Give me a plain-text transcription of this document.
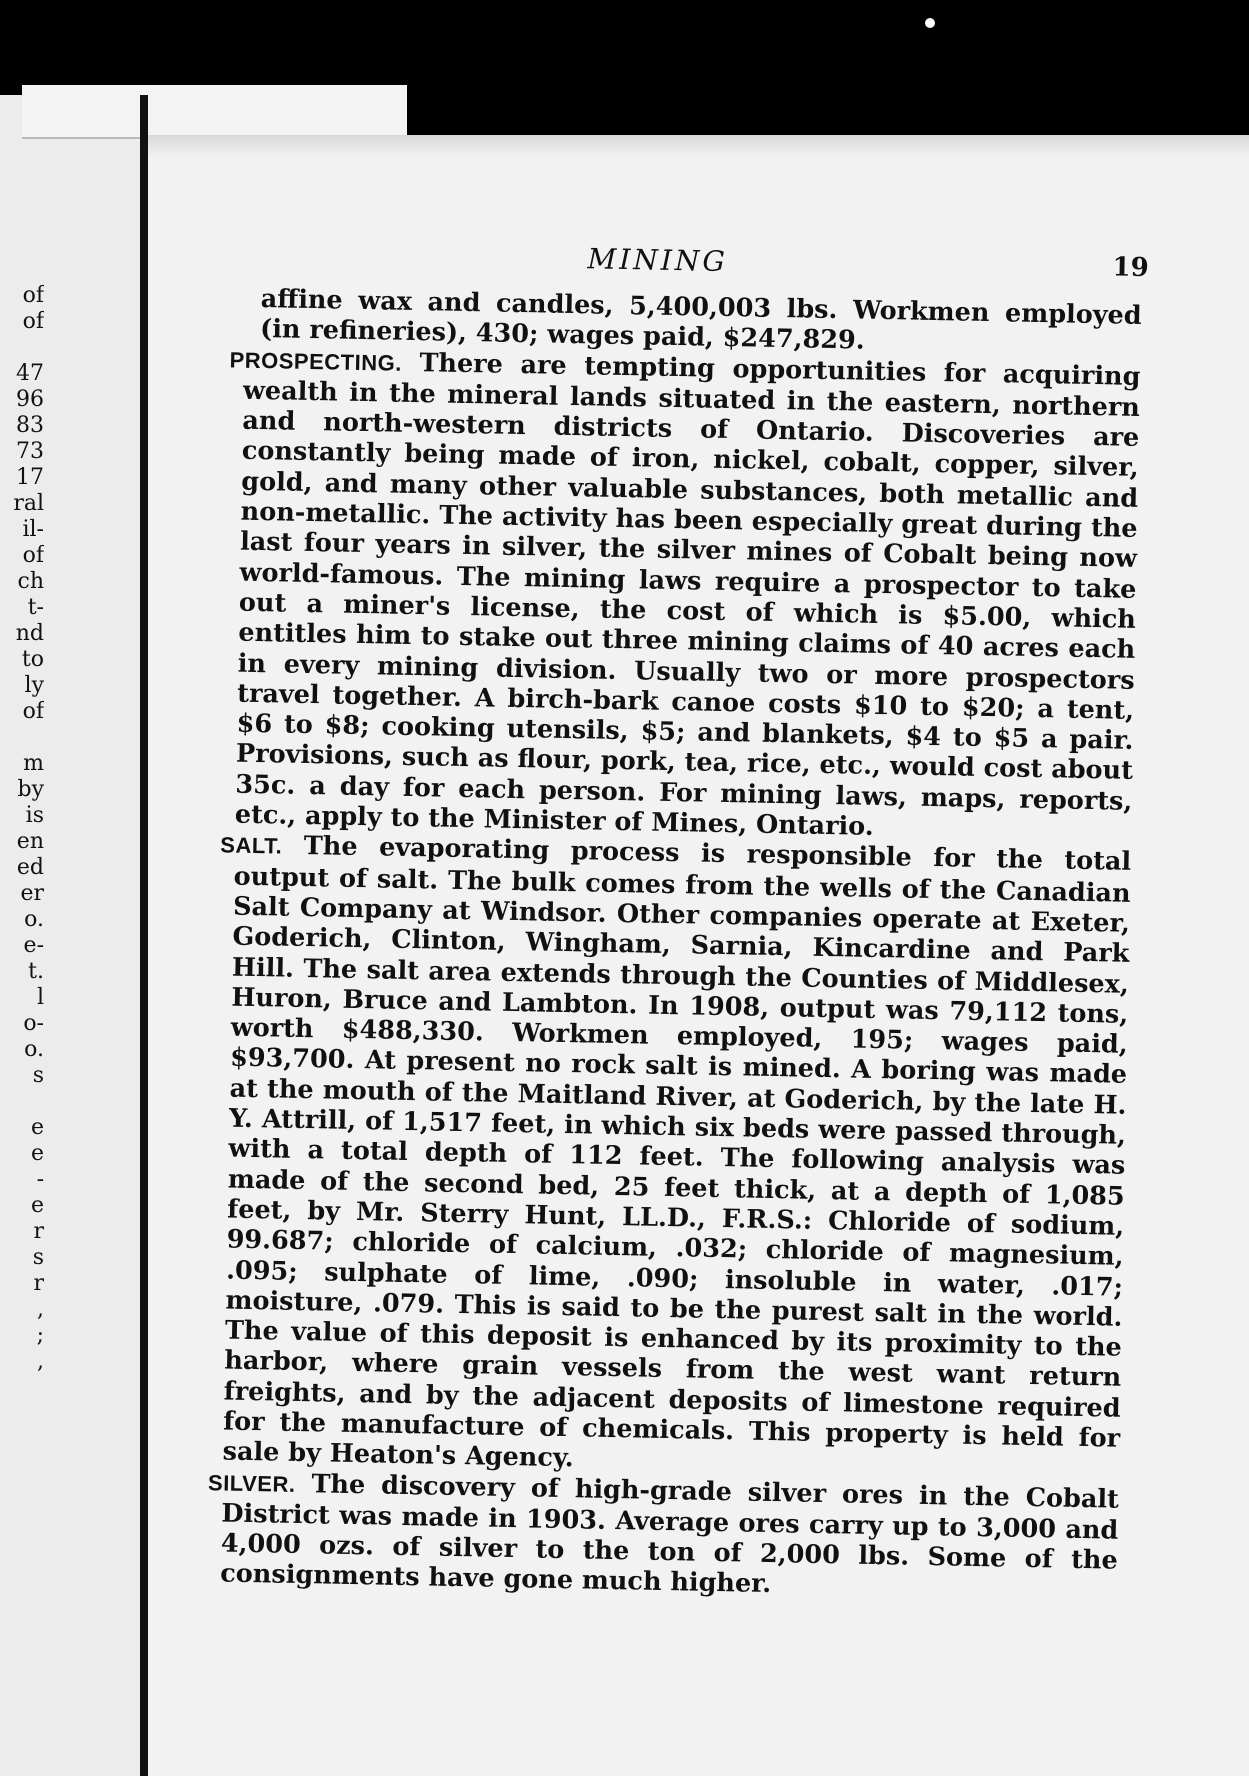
of
of
47
96
83
73
17
ral
il-
of
ch
t-
nd
to
ly
of
m
by
is
en
ed
er
o.
e-
t.
l
o-
o.
s
e
e
-
e
r
s
r
,
;
,
MINING	19

affine wax and candles, 5,400,003 lbs. Workmen employed (in refineries), 430; wages paid, $247,829.

PROSPECTING. There are tempting opportunities for acquiring wealth in the mineral lands situated in the eastern, northern and north-western districts of Ontario. Discoveries are constantly being made of iron, nickel, cobalt, copper, silver, gold, and many other valuable substances, both metallic and non-metallic. The activity has been especially great during the last four years in silver, the silver mines of Cobalt being now world-famous. The mining laws require a prospector to take out a miner's license, the cost of which is $5.00, which entitles him to stake out three mining claims of 40 acres each in every mining division. Usually two or more prospectors travel together. A birch-bark canoe costs $10 to $20; a tent, $6 to $8; cooking utensils, $5; and blankets, $4 to $5 a pair. Provisions, such as flour, pork, tea, rice, etc., would cost about 35c. a day for each person. For mining laws, maps, reports, etc., apply to the Minister of Mines, Ontario.

SALT. The evaporating process is responsible for the total output of salt. The bulk comes from the wells of the Canadian Salt Company at Windsor. Other companies operate at Exeter, Goderich, Clinton, Wingham, Sarnia, Kincardine and Park Hill. The salt area extends through the Counties of Middlesex, Huron, Bruce and Lambton. In 1908, output was 79,112 tons, worth $488,330. Workmen employed, 195; wages paid, $93,700. At present no rock salt is mined. A boring was made at the mouth of the Maitland River, at Goderich, by the late H. Y. Attrill, of 1,517 feet, in which six beds were passed through, with a total depth of 112 feet. The following analysis was made of the second bed, 25 feet thick, at a depth of 1,085 feet, by Mr. Sterry Hunt, LL.D., F.R.S.: Chloride of sodium, 99.687; chloride of calcium, .032; chloride of magnesium, .095; sulphate of lime, .090; insoluble in water, .017; moisture, .079. This is said to be the purest salt in the world. The value of this deposit is enhanced by its proximity to the harbor, where grain vessels from the west want return freights, and by the adjacent deposits of limestone required for the manufacture of chemicals. This property is held for sale by Heaton's Agency.

SILVER. The discovery of high-grade silver ores in the Cobalt District was made in 1903. Average ores carry up to 3,000 and 4,000 ozs. of silver to the ton of 2,000 lbs. Some of the consignments have gone much higher.
